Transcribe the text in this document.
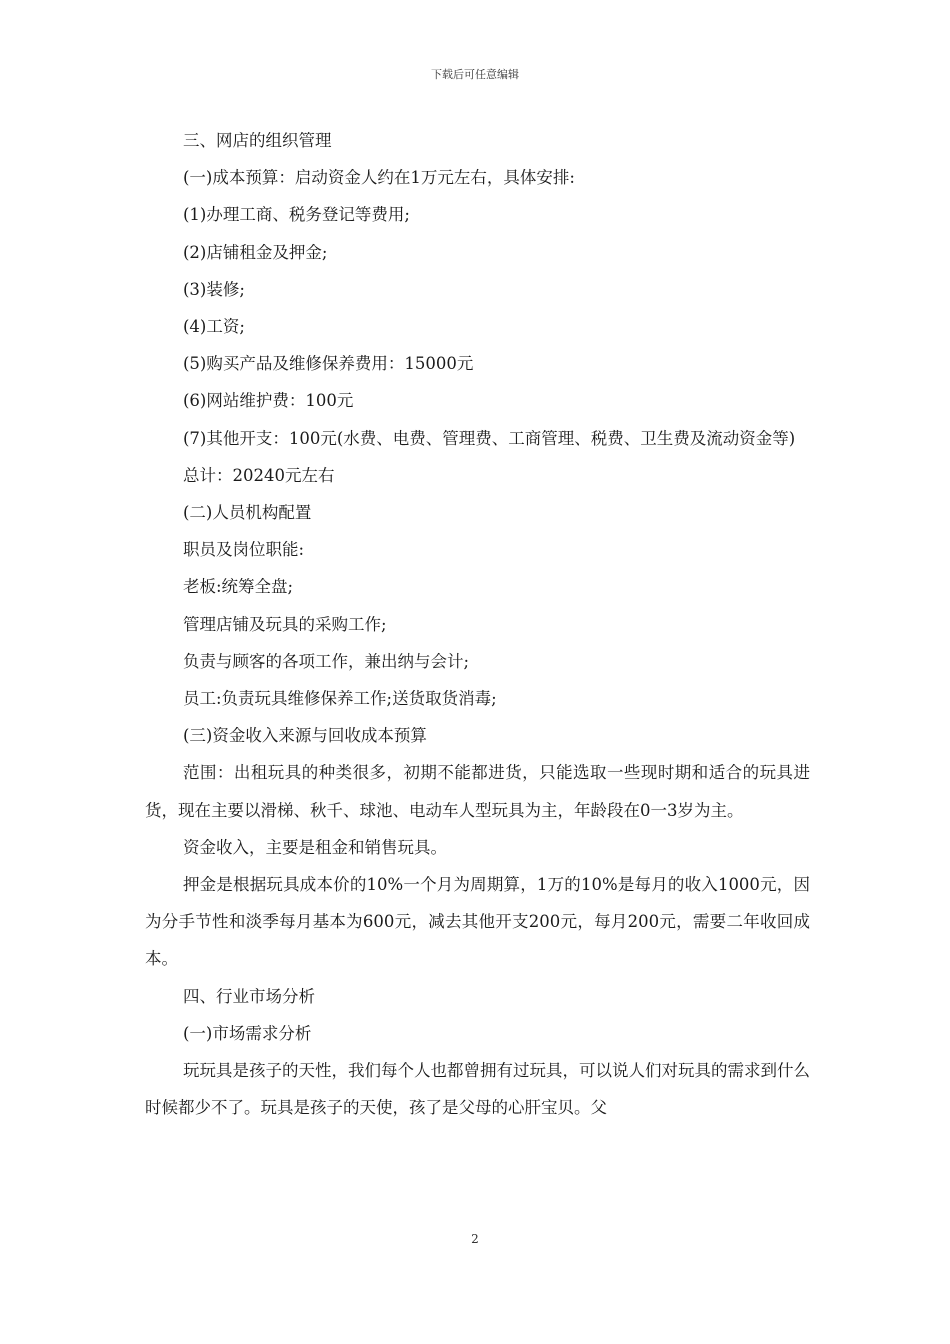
下载后可任意编辑

三、网店的组织管理

(一)成本预算：启动资金人约在1万元左右，具体安排:

(1)办理工商、税务登记等费用;

(2)店铺租金及押金;

(3)装修;

(4)工资;

(5)购买产品及维修保养费用：15000元

(6)网站维护费：100元

(7)其他开支：100元(水费、电费、管理费、工商管理、税费、卫生费及流动资金等)

总计：20240元左右

(二)人员机构配置

职员及岗位职能:

老板:统筹全盘;

管理店铺及玩具的采购工作;

负责与顾客的各项工作，兼出纳与会计;

员工:负责玩具维修保养工作;送货取货消毒;

(三)资金收入来源与回收成本预算

范围：出租玩具的种类很多，初期不能都进货，只能选取一些现时期和适合的玩具进货，现在主要以滑梯、秋千、球池、电动车人型玩具为主，年龄段在0一3岁为主。

资金收入，主要是租金和销售玩具。

押金是根据玩具成本价的10%一个月为周期算，1万的10%是每月的收入1000元，因为分手节性和淡季每月基本为600元，减去其他开支200元，每月200元，需要二年收回成本。

四、行业市场分析

(一)市场需求分析

玩玩具是孩子的天性，我们每个人也都曾拥有过玩具，可以说人们对玩具的需求到什么时候都少不了。玩具是孩子的天使，孩了是父母的心肝宝贝。父

2
